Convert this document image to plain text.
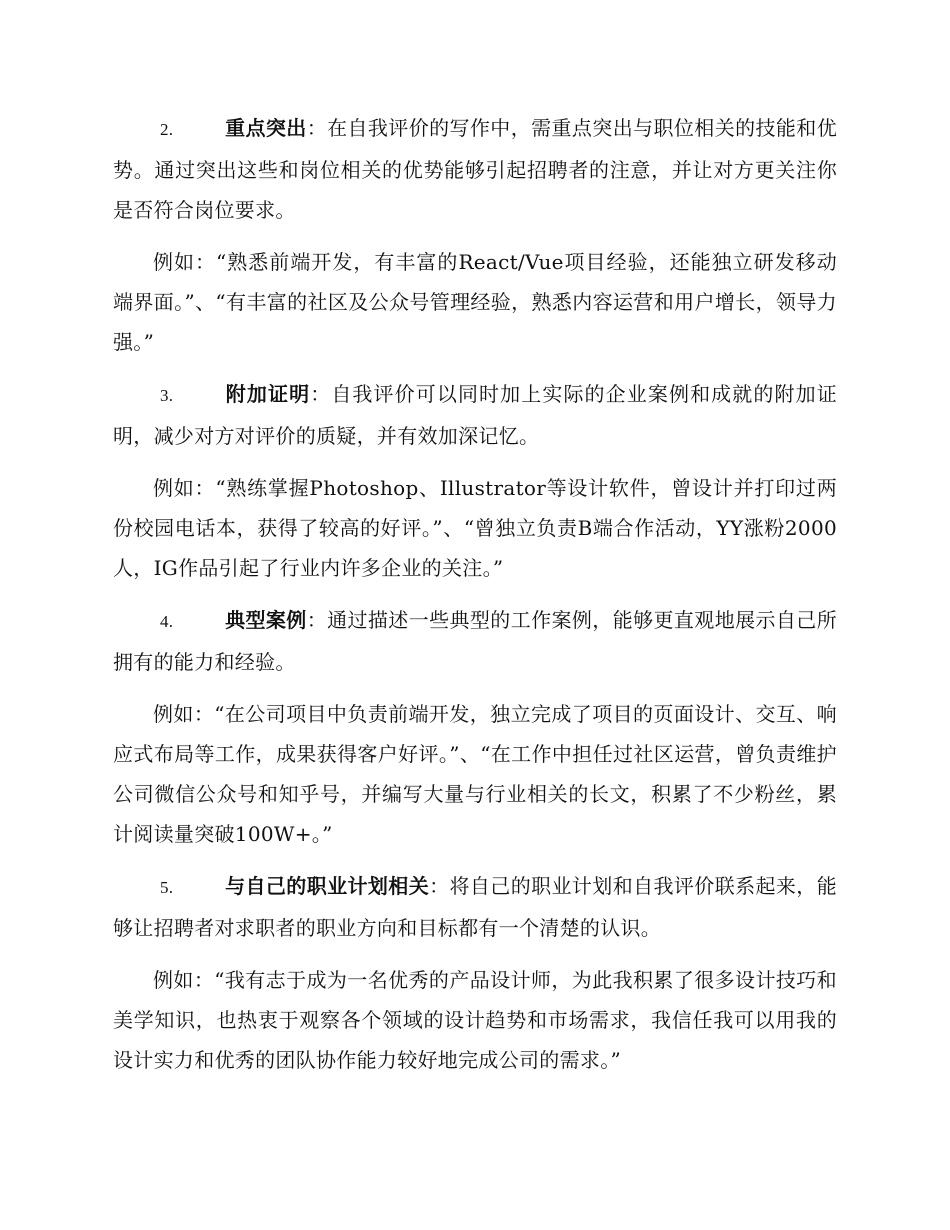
2.	重点突出：在自我评价的写作中，需重点突出与职位相关的技能和优势。通过突出这些和岗位相关的优势能够引起招聘者的注意，并让对方更关注你是否符合岗位要求。

例如：“熟悉前端开发，有丰富的React/Vue项目经验，还能独立研发移动端界面。”、“有丰富的社区及公众号管理经验，熟悉内容运营和用户增长，领导力强。”

3.	附加证明：自我评价可以同时加上实际的企业案例和成就的附加证明，减少对方对评价的质疑，并有效加深记忆。

例如：“熟练掌握Photoshop、Illustrator等设计软件，曾设计并打印过两份校园电话本，获得了较高的好评。”、“曾独立负责B端合作活动，YY涨粉2000人，IG作品引起了行业内许多企业的关注。”

4.	典型案例：通过描述一些典型的工作案例，能够更直观地展示自己所拥有的能力和经验。

例如：“在公司项目中负责前端开发，独立完成了项目的页面设计、交互、响应式布局等工作，成果获得客户好评。”、“在工作中担任过社区运营，曾负责维护公司微信公众号和知乎号，并编写大量与行业相关的长文，积累了不少粉丝，累计阅读量突破100W+。”

5.	与自己的职业计划相关：将自己的职业计划和自我评价联系起来，能够让招聘者对求职者的职业方向和目标都有一个清楚的认识。

例如：“我有志于成为一名优秀的产品设计师，为此我积累了很多设计技巧和美学知识，也热衷于观察各个领域的设计趋势和市场需求，我信任我可以用我的设计实力和优秀的团队协作能力较好地完成公司的需求。”
